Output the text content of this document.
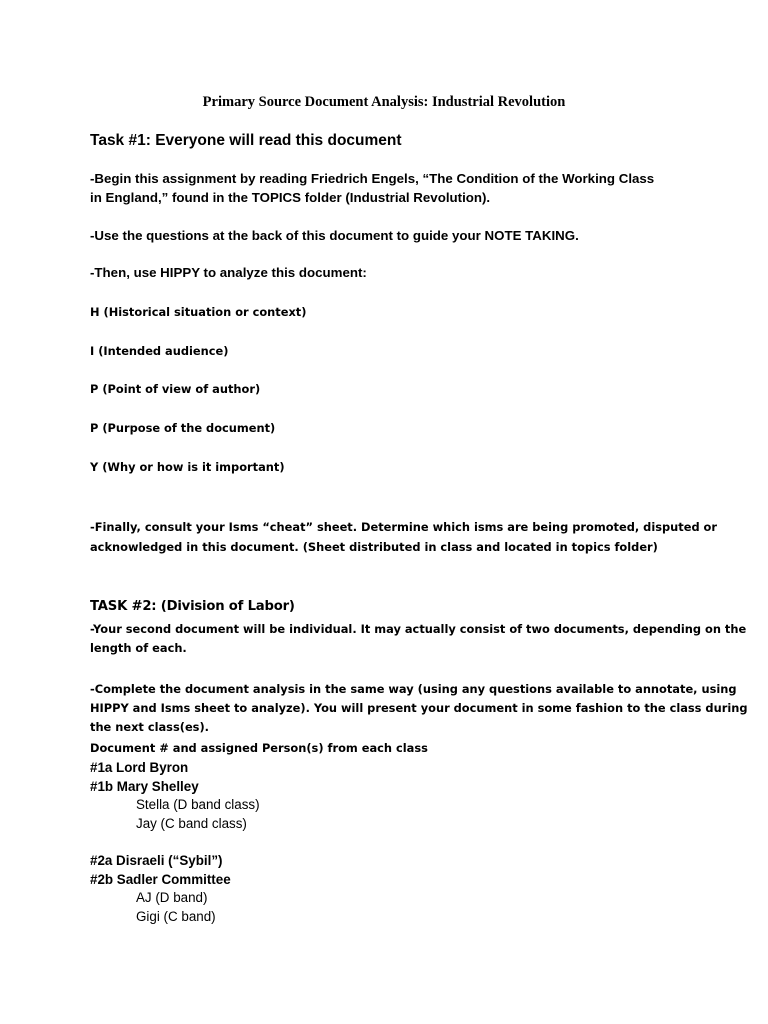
Primary Source Document Analysis: Industrial Revolution

Task #1: Everyone will read this document

-Begin this assignment by reading Friedrich Engels, “The Condition of the Working Class

in England,” found in the TOPICS folder (Industrial Revolution).

-Use the questions at the back of this document to guide your NOTE TAKING.

-Then, use HIPPY to analyze this document:

H (Historical situation or context)

I (Intended audience)

P (Point of view of author)

P (Purpose of the document)

Y (Why or how is it important)

-Finally, consult your Isms “cheat” sheet. Determine which isms are being promoted, disputed or

acknowledged in this document. (Sheet distributed in class and located in topics folder)

TASK #2: (Division of Labor)

-Your second document will be individual. It may actually consist of two documents, depending on the

length of each.

-Complete the document analysis in the same way (using any questions available to annotate, using

HIPPY and Isms sheet to analyze). You will present your document in some fashion to the class during

the next class(es).

Document # and assigned Person(s) from each class

#1a Lord Byron

#1b Mary Shelley

Stella (D band class)

Jay (C band class)

#2a Disraeli (“Sybil”)

#2b Sadler Committee

AJ (D band)

Gigi (C band)
